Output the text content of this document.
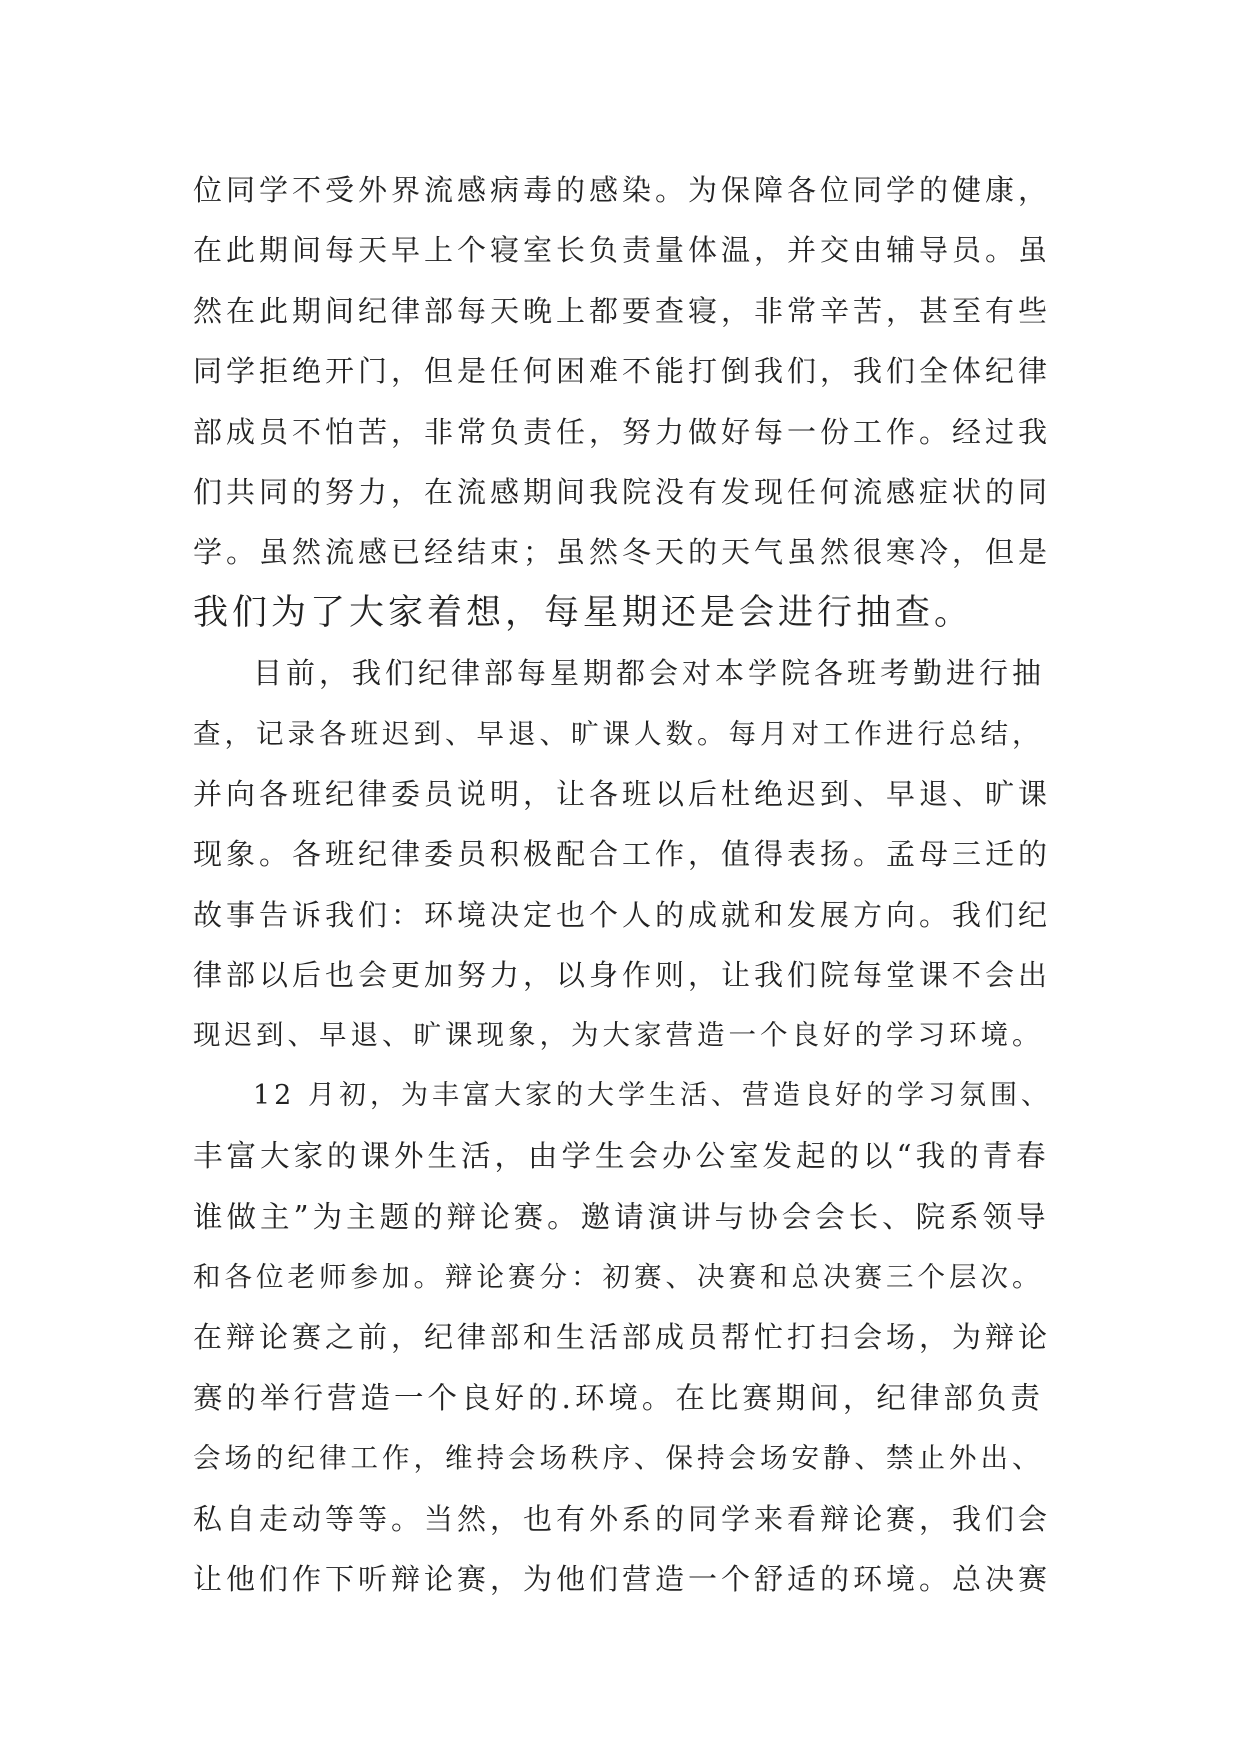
位同学不受外界流感病毒的感染。为保障各位同学的健康，
在此期间每天早上个寝室长负责量体温，并交由辅导员。虽
然在此期间纪律部每天晚上都要查寝，非常辛苦，甚至有些
同学拒绝开门，但是任何困难不能打倒我们，我们全体纪律
部成员不怕苦，非常负责任，努力做好每一份工作。经过我
们共同的努力，在流感期间我院没有发现任何流感症状的同
学。虽然流感已经结束；虽然冬天的天气虽然很寒冷，但是
我们为了大家着想，每星期还是会进行抽查。
目前，我们纪律部每星期都会对本学院各班考勤进行抽
查，记录各班迟到、早退、旷课人数。每月对工作进行总结，
并向各班纪律委员说明，让各班以后杜绝迟到、早退、旷课
现象。各班纪律委员积极配合工作，值得表扬。孟母三迁的
故事告诉我们：环境决定也个人的成就和发展方向。我们纪
律部以后也会更加努力，以身作则，让我们院每堂课不会出
现迟到、早退、旷课现象，为大家营造一个良好的学习环境。
12 月初，为丰富大家的大学生活、营造良好的学习氛围、
丰富大家的课外生活，由学生会办公室发起的以“我的青春
谁做主”为主题的辩论赛。邀请演讲与协会会长、院系领导
和各位老师参加。辩论赛分：初赛、决赛和总决赛三个层次。
在辩论赛之前，纪律部和生活部成员帮忙打扫会场，为辩论
赛的举行营造一个良好的.环境。在比赛期间，纪律部负责
会场的纪律工作，维持会场秩序、保持会场安静、禁止外出、
私自走动等等。当然，也有外系的同学来看辩论赛，我们会
让他们作下听辩论赛，为他们营造一个舒适的环境。总决赛
